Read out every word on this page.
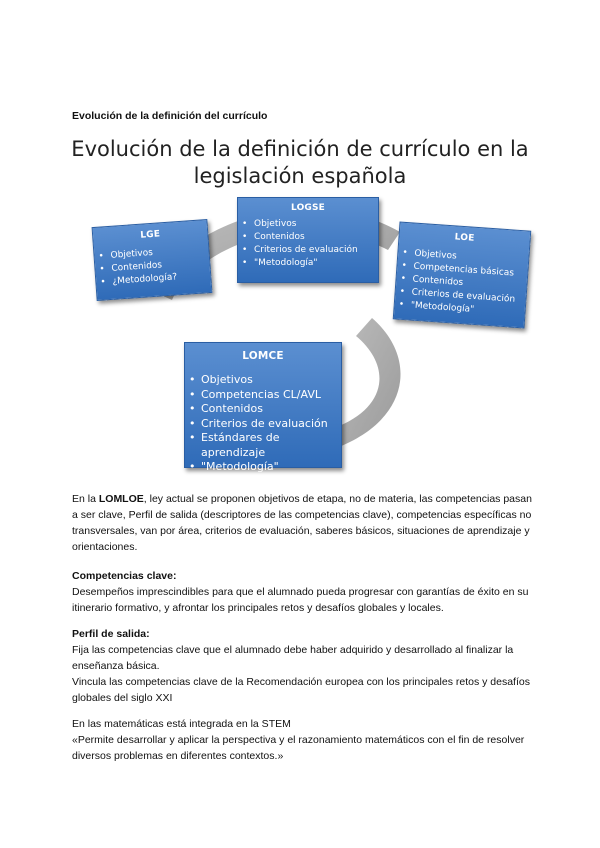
Evolución de la definición del currículo
Evolución de la definición de currículo en la
legislación española
LGE
• Objetivos
• Contenidos
• ¿Metodología?
LOGSE
• Objetivos
• Contenidos
• Criterios de evaluación
• "Metodología"
LOE
• Objetivos
• Competencias básicas
• Contenidos
• Criterios de evaluación
• "Metodología"
LOMCE
• Objetivos
• Competencias CL/AVL
• Contenidos
• Criterios de evaluación
• Estándares de aprendizaje
• "Metodología"

En la LOMLOE, ley actual se proponen objetivos de etapa, no de materia, las competencias pasan a ser clave, Perfil de salida (descriptores de las competencias clave), competencias específicas no transversales, van por área, criterios de evaluación, saberes básicos, situaciones de aprendizaje y orientaciones.

Competencias clave:

Desempeños imprescindibles para que el alumnado pueda progresar con garantías de éxito en su itinerario formativo, y afrontar los principales retos y desafíos globales y locales.

Perfil de salida:

Fija las competencias clave que el alumnado debe haber adquirido y desarrollado al finalizar la enseñanza básica.

Vincula las competencias clave de la Recomendación europea con los principales retos y desafíos globales del siglo XXI

En las matemáticas está integrada en la STEM

«Permite desarrollar y aplicar la perspectiva y el razonamiento matemáticos con el fin de resolver diversos problemas en diferentes contextos.»
